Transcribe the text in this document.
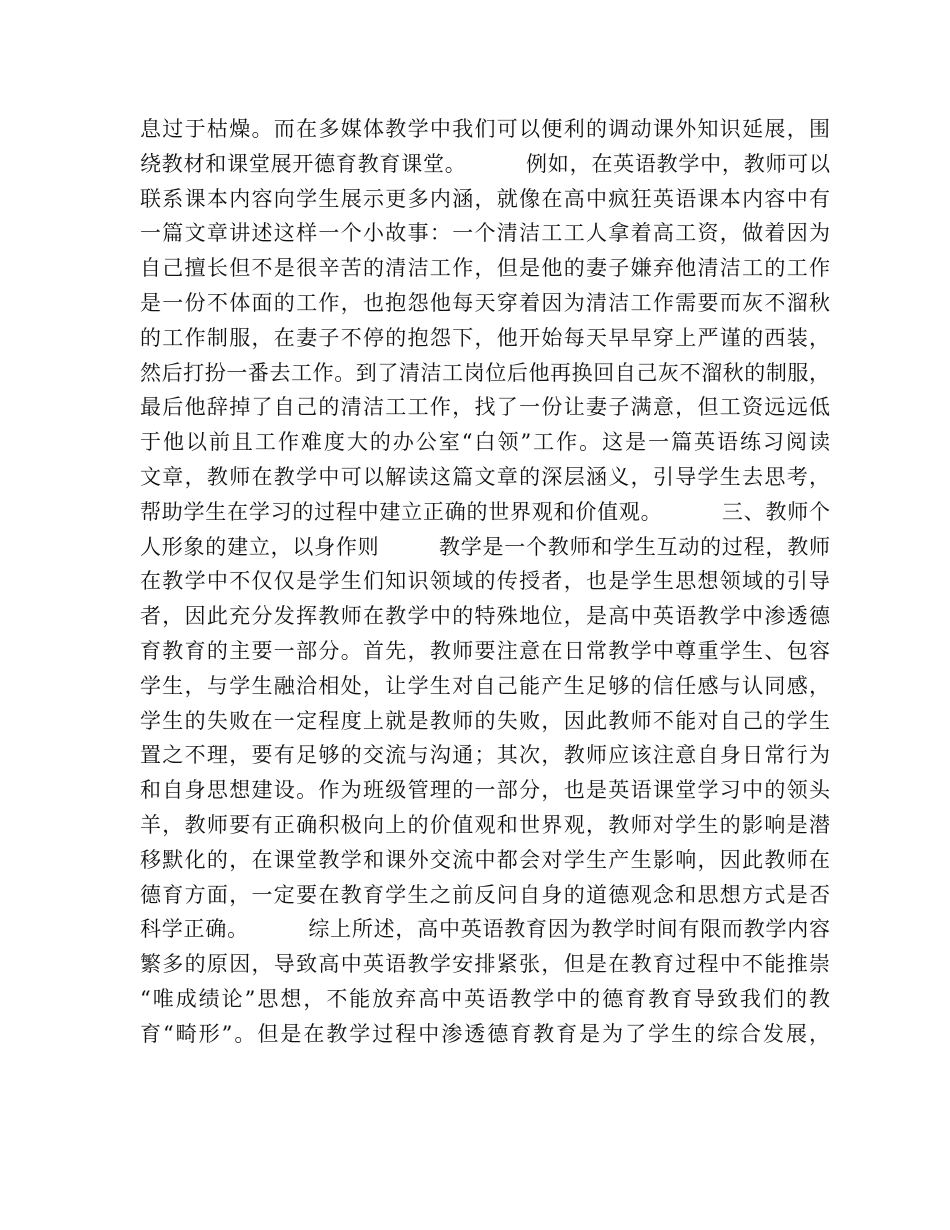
息过于枯燥。而在多媒体教学中我们可以便利的调动课外知识延展，围
绕教材和课堂展开德育教育课堂。        例如，在英语教学中，教师可以
联系课本内容向学生展示更多内涵，就像在高中疯狂英语课本内容中有
一篇文章讲述这样一个小故事：一个清洁工工人拿着高工资，做着因为
自己擅长但不是很辛苦的清洁工作，但是他的妻子嫌弃他清洁工的工作
是一份不体面的工作，也抱怨他每天穿着因为清洁工作需要而灰不溜秋
的工作制服，在妻子不停的抱怨下，他开始每天早早穿上严谨的西装，
然后打扮一番去工作。到了清洁工岗位后他再换回自己灰不溜秋的制服，
最后他辞掉了自己的清洁工工作，找了一份让妻子满意，但工资远远低
于他以前且工作难度大的办公室“白领”工作。这是一篇英语练习阅读
文章，教师在教学中可以解读这篇文章的深层涵义，引导学生去思考，
帮助学生在学习的过程中建立正确的世界观和价值观。        三、教师个
人形象的建立，以身作则        教学是一个教师和学生互动的过程，教师
在教学中不仅仅是学生们知识领域的传授者，也是学生思想领域的引导
者，因此充分发挥教师在教学中的特殊地位，是高中英语教学中渗透德
育教育的主要一部分。首先，教师要注意在日常教学中尊重学生、包容
学生，与学生融洽相处，让学生对自己能产生足够的信任感与认同感，
学生的失败在一定程度上就是教师的失败，因此教师不能对自己的学生
置之不理，要有足够的交流与沟通；其次，教师应该注意自身日常行为
和自身思想建设。作为班级管理的一部分，也是英语课堂学习中的领头
羊，教师要有正确积极向上的价值观和世界观，教师对学生的影响是潜
移默化的，在课堂教学和课外交流中都会对学生产生影响，因此教师在
德育方面，一定要在教育学生之前反问自身的道德观念和思想方式是否
科学正确。        综上所述，高中英语教育因为教学时间有限而教学内容
繁多的原因，导致高中英语教学安排紧张，但是在教育过程中不能推崇
“唯成绩论”思想，不能放弃高中英语教学中的德育教育导致我们的教
育“畸形”。但是在教学过程中渗透德育教育是为了学生的综合发展，
